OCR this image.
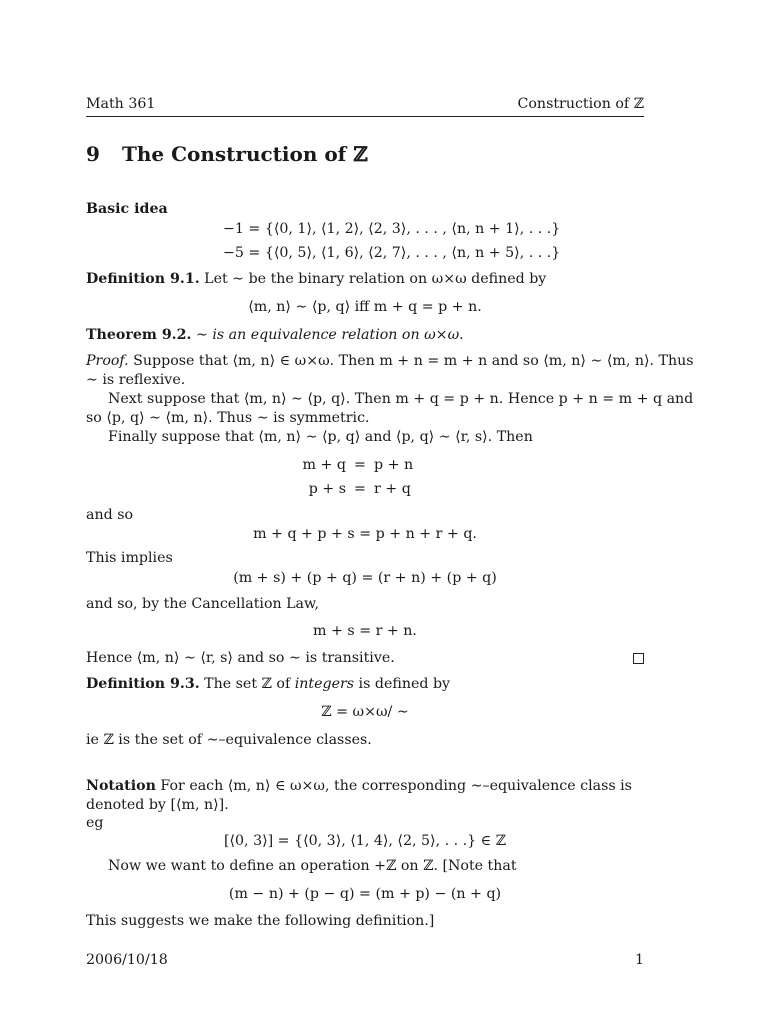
Math 361	Construction of ℤ
9 The Construction of ℤ
Basic idea
−1 = {⟨0, 1⟩, ⟨1, 2⟩, ⟨2, 3⟩, . . . , ⟨n, n + 1⟩, . . .}
−5 = {⟨0, 5⟩, ⟨1, 6⟩, ⟨2, 7⟩, . . . , ⟨n, n + 5⟩, . . .}
Definition 9.1. Let ∼ be the binary relation on ω×ω defined by
⟨m, n⟩ ∼ ⟨p, q⟩ iff m + q = p + n.
Theorem 9.2. ∼ is an equivalence relation on ω×ω.
Proof. Suppose that ⟨m, n⟩ ∈ ω×ω. Then m + n = m + n and so ⟨m, n⟩ ∼ ⟨m, n⟩. Thus
∼ is reflexive.
Next suppose that ⟨m, n⟩ ∼ ⟨p, q⟩. Then m + q = p + n. Hence p + n = m + q and
so ⟨p, q⟩ ∼ ⟨m, n⟩. Thus ∼ is symmetric.
Finally suppose that ⟨m, n⟩ ∼ ⟨p, q⟩ and ⟨p, q⟩ ∼ ⟨r, s⟩. Then
m + q = p + n
p + s = r + q
and so
m + q + p + s = p + n + r + q.
This implies
(m + s) + (p + q) = (r + n) + (p + q)
and so, by the Cancellation Law,
m + s = r + n.
Hence ⟨m, n⟩ ∼ ⟨r, s⟩ and so ∼ is transitive.
Definition 9.3. The set ℤ of integers is defined by
ℤ = ω×ω/ ∼
ie ℤ is the set of ∼–equivalence classes.
Notation For each ⟨m, n⟩ ∈ ω×ω, the corresponding ∼–equivalence class is denoted by [⟨m, n⟩].
eg
[⟨0, 3⟩] = {⟨0, 3⟩, ⟨1, 4⟩, ⟨2, 5⟩, . . .} ∈ ℤ
Now we want to define an operation +ℤ on ℤ. [Note that
(m − n) + (p − q) = (m + p) − (n + q)
This suggests we make the following definition.]
2006/10/18	1
